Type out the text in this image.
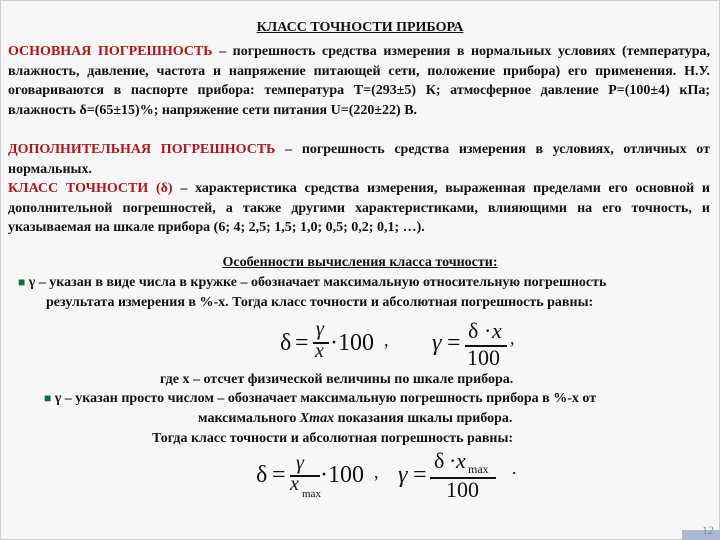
КЛАСС ТОЧНОСТИ ПРИБОРА
ОСНОВНАЯ ПОГРЕШНОСТЬ – погрешность средства измерения в нормальных условиях (температура, влажность, давление, частота и напряжение питающей сети, положение прибора) его применения. Н.У. оговариваются в паспорте прибора: температура T=(293±5) К; атмосферное давление Р=(100±4) кПа; влажность δ=(65±15)%; напряжение сети питания U=(220±22) В.
ДОПОЛНИТЕЛЬНАЯ ПОГРЕШНОСТЬ – погрешность средства измерения в условиях, отличных от нормальных.
КЛАСС ТОЧНОСТИ (δ) – характеристика средства измерения, выраженная пределами его основной и дополнительной погрешностей, а также другими характеристиками, влияющими на его точность, и указываемая на шкале прибора (6; 4; 2,5; 1,5; 1,0; 0,5; 0,2; 0,1; …).
Особенности вычисления класса точности:
■ γ – указан в виде числа в кружке – обозначает максимальную относительную погрешность
результата измерения в %-х. Тогда класс точности и абсолютная погрешность равны:
δ =
γ
x ·100 , γ = δ · x
100
,
где x – отсчет физической величины по шкале прибора.
■ γ – указан просто числом – обозначает максимальную погрешность прибора в %-х от
максимального Xmax показания шкалы прибора.
Тогда класс точности и абсолютная погрешность равны:
δ = γ
x max
·100 , γ =
δ · x max
100
.
12
